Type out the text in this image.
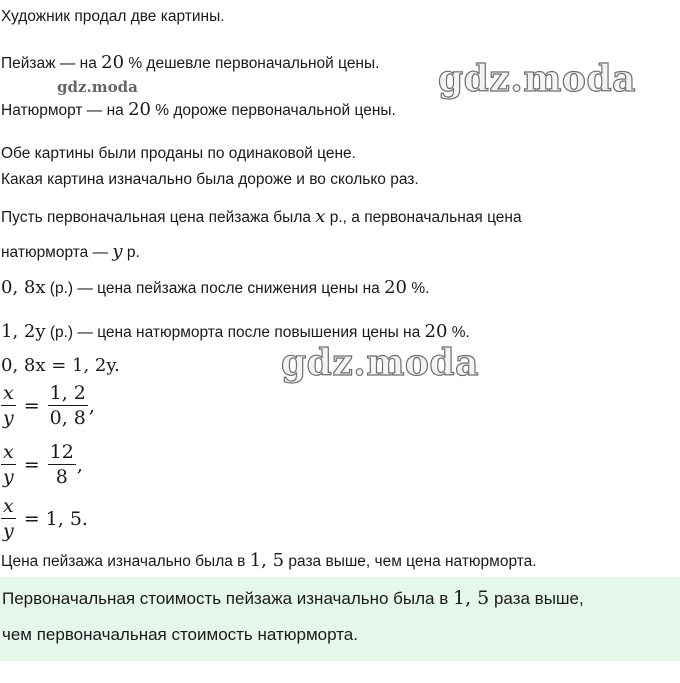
Художник продал две картины.
Пейзаж — на 20 % дешевле первоначальной цены.
gdz.moda	gdz.moda
Натюрморт — на 20 % дороже первоначальной цены.
Обе картины были проданы по одинаковой цене.
Какая картина изначально была дороже и во сколько раз.
Пусть первоначальная цена пейзажа была x р., а первоначальная цена
натюрморта — y р.
0, 8x (р.) — цена пейзажа после снижения цены на 20 %.
1, 2y (р.) — цена натюрморта после повышения цены на 20 %.
gdz.moda
0, 8x = 1, 2y.
$\frac{x}{y} = \frac{1, 2}{0, 8}$ ,
$\frac{x}{y} = \frac{12}{8}$ ,
$\frac{x}{y} = 1$, 5.
Цена пейзажа изначально была в 1, 5 раза выше, чем цена натюрморта.
Первоначальная стоимость пейзажа изначально была в 1, 5 раза выше,
чем первоначальная стоимость натюрморта.
